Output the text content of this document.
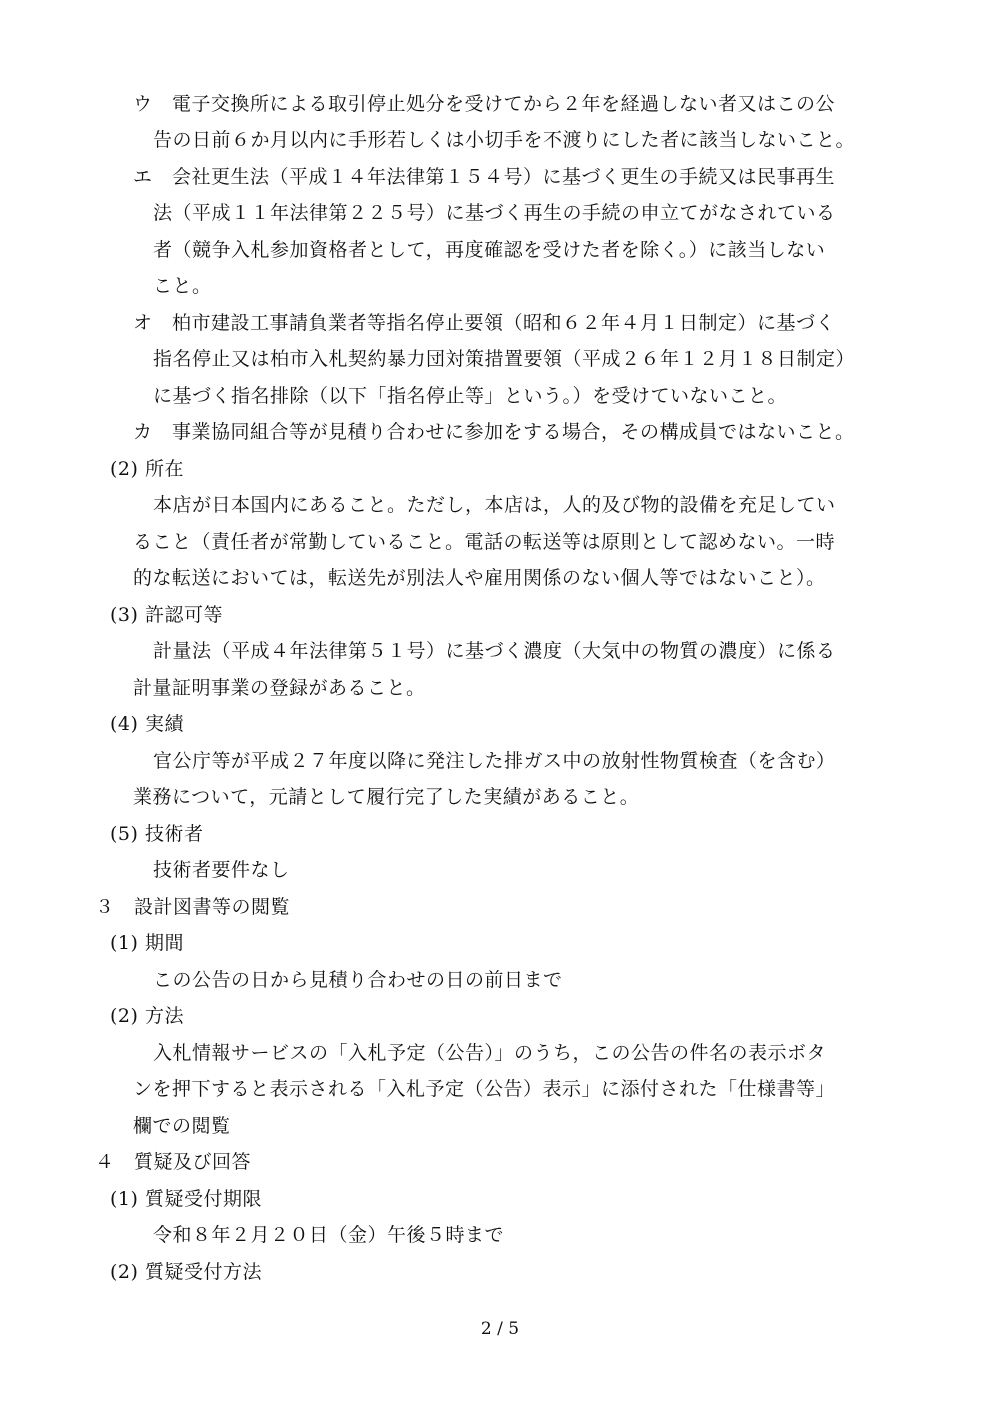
ウ　電子交換所による取引停止処分を受けてから２年を経過しない者又はこの公
告の日前６か月以内に手形若しくは小切手を不渡りにした者に該当しないこと。
エ　会社更生法（平成１４年法律第１５４号）に基づく更生の手続又は民事再生
法（平成１１年法律第２２５号）に基づく再生の手続の申立てがなされている
者（競争入札参加資格者として，再度確認を受けた者を除く。）に該当しない
こと。
オ　柏市建設工事請負業者等指名停止要領（昭和６２年４月１日制定）に基づく
指名停止又は柏市入札契約暴力団対策措置要領（平成２６年１２月１８日制定）
に基づく指名排除（以下「指名停止等」という。）を受けていないこと。
カ　事業協同組合等が見積り合わせに参加をする場合，その構成員ではないこと。
(2) 所在
本店が日本国内にあること。ただし，本店は，人的及び物的設備を充足してい
ること（責任者が常勤していること。電話の転送等は原則として認めない。一時
的な転送においては，転送先が別法人や雇用関係のない個人等ではないこと）。
(3) 許認可等
計量法（平成４年法律第５１号）に基づく濃度（大気中の物質の濃度）に係る
計量証明事業の登録があること。
(4) 実績
官公庁等が平成２７年度以降に発注した排ガス中の放射性物質検査（を含む）
業務について，元請として履行完了した実績があること。
(5) 技術者
技術者要件なし
３　設計図書等の閲覧
(1) 期間
この公告の日から見積り合わせの日の前日まで
(2) 方法
入札情報サービスの「入札予定（公告）」のうち，この公告の件名の表示ボタ
ンを押下すると表示される「入札予定（公告）表示」に添付された「仕様書等」
欄での閲覧
４　質疑及び回答
(1) 質疑受付期限
令和８年２月２０日（金）午後５時まで
(2) 質疑受付方法
2 / 5
